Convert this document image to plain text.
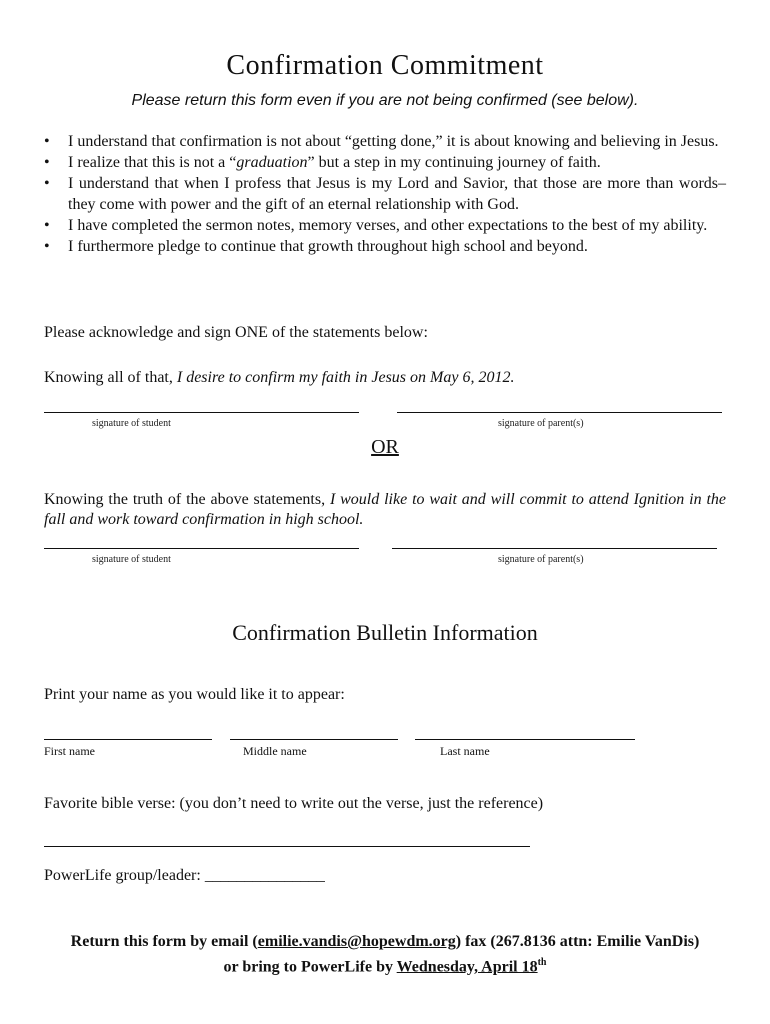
Confirmation Commitment
Please return this form even if you are not being confirmed (see below).
• I understand that confirmation is not about “getting done,” it is about knowing and believing in Jesus.
• I realize that this is not a “graduation” but a step in my continuing journey of faith.
• I understand that when I profess that Jesus is my Lord and Savior, that those are more than words– they come with power and the gift of an eternal relationship with God.
• I have completed the sermon notes, memory verses, and other expectations to the best of my ability.
• I furthermore pledge to continue that growth throughout high school and beyond.
Please acknowledge and sign ONE of the statements below:
Knowing all of that, I desire to confirm my faith in Jesus on May 6, 2012.
signature of student	signature of parent(s)
OR
Knowing the truth of the above statements, I would like to wait and will commit to attend Ignition in the fall and work toward confirmation in high school.
signature of student	signature of parent(s)
Confirmation Bulletin Information
Print your name as you would like it to appear:
First name	Middle name	Last name
Favorite bible verse: (you don’t need to write out the verse, just the reference)
PowerLife group/leader: _______________
Return this form by email (emilie.vandis@hopewdm.org) fax (267.8136 attn: Emilie VanDis)
or bring to PowerLife by Wednesday, April 18th
